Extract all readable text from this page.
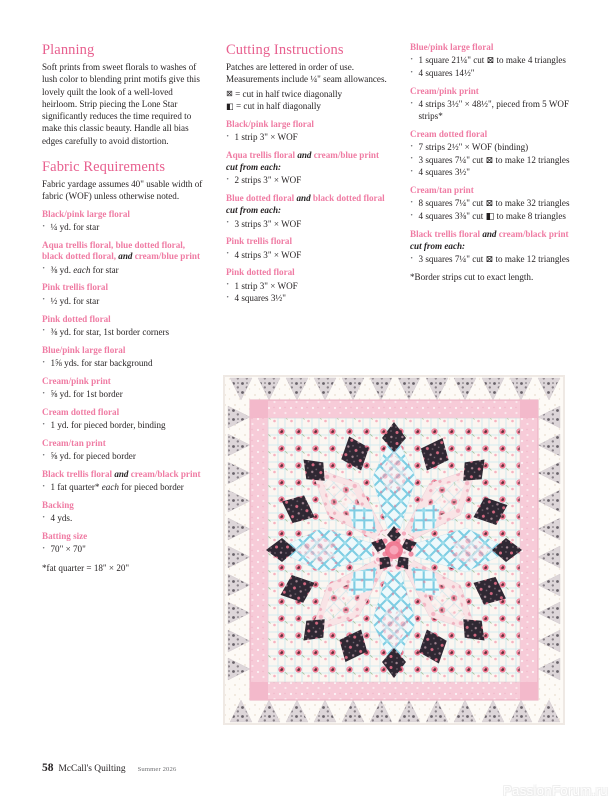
Planning

Soft prints from sweet florals to washes of lush color to blending print motifs give this lovely quilt the look of a well-loved heirloom. Strip piecing the Lone Star significantly reduces the time required to make this classic beauty. Handle all bias edges carefully to avoid distortion.

Fabric Requirements

Fabric yardage assumes 40" usable width of fabric (WOF) unless otherwise noted.

Black/pink large floral
• ¼ yd. for star
Aqua trellis floral, blue dotted floral, black dotted floral, and cream/blue print
• ⅜ yd. each for star
Pink trellis floral
• ½ yd. for star
Pink dotted floral
• ⅜ yd. for star, 1st border corners
Blue/pink large floral
• 1⅝ yds. for star background
Cream/pink print
• ⅝ yd. for 1st border
Cream dotted floral
• 1 yd. for pieced border, binding
Cream/tan print
• ⅝ yd. for pieced border
Black trellis floral and cream/black print
• 1 fat quarter* each for pieced border
Backing
• 4 yds.
Batting size
• 70" × 70"

*fat quarter = 18" × 20"

Cutting Instructions

Patches are lettered in order of use. Measurements include ¼" seam allowances.

⊠ = cut in half twice diagonally
◧ = cut in half diagonally
Black/pink large floral
• 1 strip 3" × WOF
Aqua trellis floral and cream/blue print

cut from each:

• 2 strips 3" × WOF
Blue dotted floral and black dotted floral

cut from each:

• 3 strips 3" × WOF
Pink trellis floral
• 4 strips 3" × WOF
Pink dotted floral
• 1 strip 3" × WOF
• 4 squares 3½"
Blue/pink large floral
• 1 square 21¼" cut ⊠ to make 4 triangles
• 4 squares 14½"
Cream/pink print
• 4 strips 3½" × 48½", pieced from 5 WOF strips*
Cream dotted floral
• 7 strips 2½" × WOF (binding)
• 3 squares 7¼" cut ⊠ to make 12 triangles
• 4 squares 3½"
Cream/tan print
• 8 squares 7¼" cut ⊠ to make 32 triangles
• 4 squares 3⅜" cut ◧ to make 8 triangles
Black trellis floral and cream/black print

cut from each:

• 3 squares 7¼" cut ⊠ to make 12 triangles

*Border strips cut to exact length.

58 McCall's Quilting Summer 2026
PassionForum.ru
